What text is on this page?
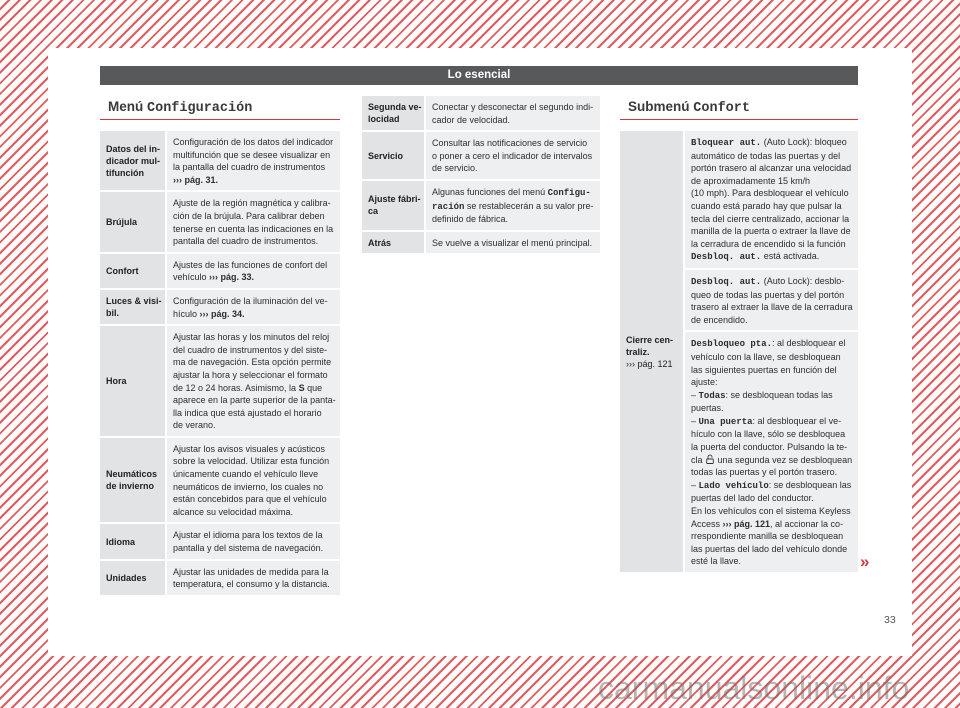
Lo esencial
Menú Configuración
Datos del in-
dicador mul-
tifunción
Configuración de los datos del indicador
multifunción que se desee visualizar en
la pantalla del cuadro de instrumentos
››› pág. 31.
Brújula
Ajuste de la región magnética y calibra-
ción de la brújula. Para calibrar deben
tenerse en cuenta las indicaciones en la
pantalla del cuadro de instrumentos.
Confort
Ajustes de las funciones de confort del
vehículo ››› pág. 33.
Luces & visi-
bil.
Configuración de la iluminación del ve-
hículo ››› pág. 34.
Hora
Ajustar las horas y los minutos del reloj
del cuadro de instrumentos y del siste-
ma de navegación. Esta opción permite
ajustar la hora y seleccionar el formato
de 12 o 24 horas. Asimismo, la S que
aparece en la parte superior de la panta-
lla indica que está ajustado el horario
de verano.
Neumáticos
de invierno
Ajustar los avisos visuales y acústicos
sobre la velocidad. Utilizar esta función
únicamente cuando el vehículo lleve
neumáticos de invierno, los cuales no
están concebidos para que el vehículo
alcance su velocidad máxima.
Idioma
Ajustar el idioma para los textos de la
pantalla y del sistema de navegación.
Unidades
Ajustar las unidades de medida para la
temperatura, el consumo y la distancia.
Segunda ve-
locidad
Conectar y desconectar el segundo indi-
cador de velocidad.
Servicio
Consultar las notificaciones de servicio
o poner a cero el indicador de intervalos
de servicio.
Ajuste fábri-
ca
Algunas funciones del menú Configu-
ración se restablecerán a su valor pre-
definido de fábrica.
Atrás	Se vuelve a visualizar el menú principal.
Submenú Confort
Cierre cen-
traliz.
››› pág. 121
Bloquear aut. (Auto Lock): bloqueo
automático de todas las puertas y del
portón trasero al alcanzar una velocidad
de aproximadamente 15 km/h
(10 mph). Para desbloquear el vehículo
cuando está parado hay que pulsar la
tecla del cierre centralizado, accionar la
manilla de la puerta o extraer la llave de
la cerradura de encendido si la función
Desbloq. aut. está activada.
Desbloq. aut. (Auto Lock): desblo-
queo de todas las puertas y del portón
trasero al extraer la llave de la cerradura
de encendido.
Desbloqueo pta.: al desbloquear el
vehículo con la llave, se desbloquean
las siguientes puertas en función del
ajuste:
– Todas: se desbloquean todas las
puertas.
– Una puerta: al desbloquear el ve-
hículo con la llave, sólo se desbloquea
la puerta del conductor. Pulsando la te-
cla  una segunda vez se desbloquean
todas las puertas y el portón trasero.
– Lado vehículo: se desbloquean las
puertas del lado del conductor.
En los vehículos con el sistema Keyless
Access ››› pág. 121, al accionar la co-
rrespondiente manilla se desbloquean
las puertas del lado del vehículo donde
esté la llave.	»
33
carmanualsonline.info
